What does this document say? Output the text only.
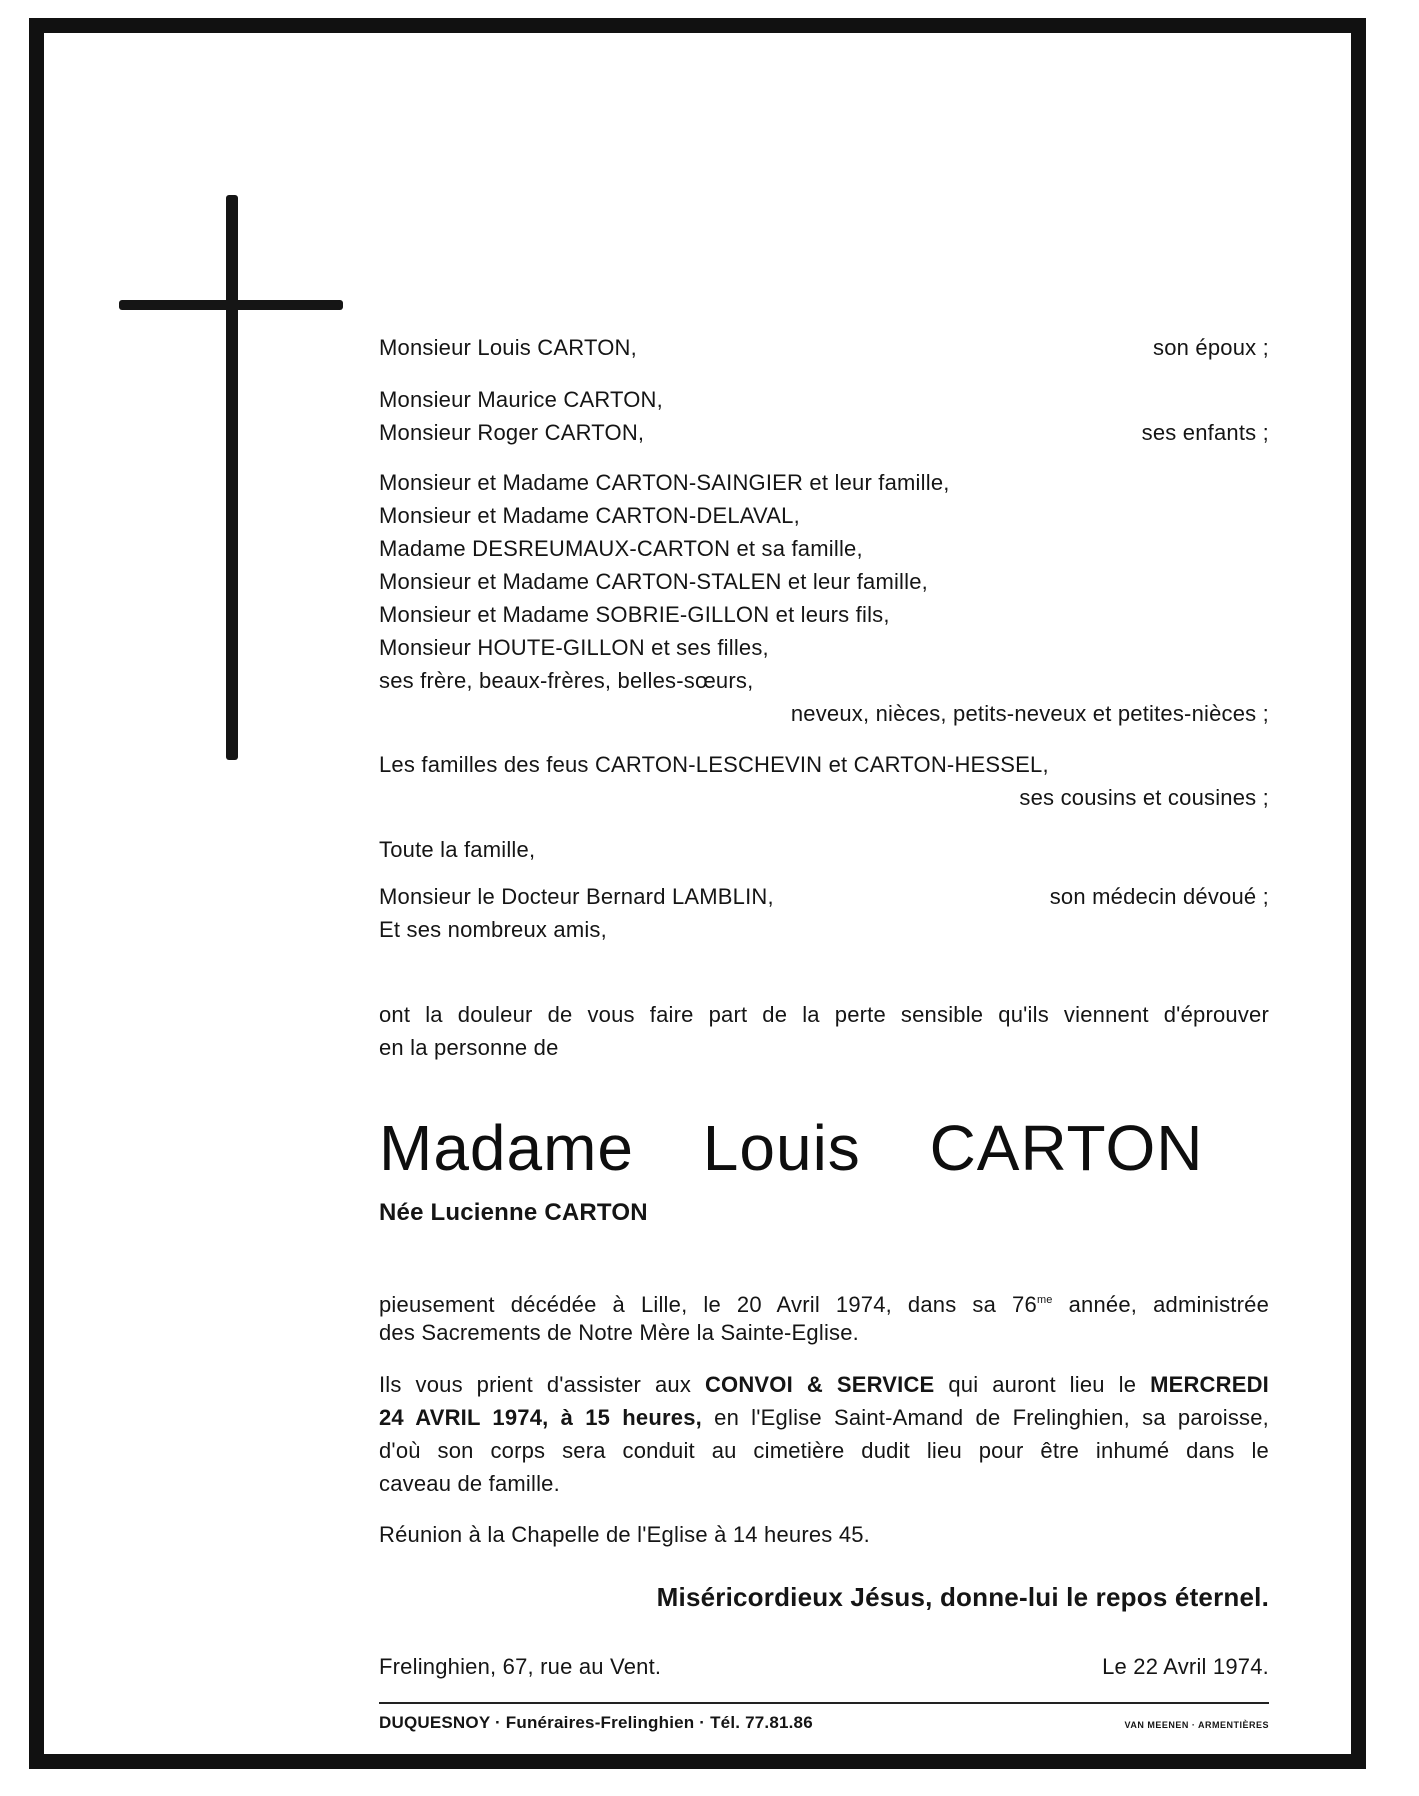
Monsieur Louis CARTON,	son époux ;
Monsieur Maurice CARTON,
Monsieur Roger CARTON,	ses enfants ;
Monsieur et Madame CARTON-SAINGIER et leur famille,
Monsieur et Madame CARTON-DELAVAL,
Madame DESREUMAUX-CARTON et sa famille,
Monsieur et Madame CARTON-STALEN et leur famille,
Monsieur et Madame SOBRIE-GILLON et leurs fils,
Monsieur HOUTE-GILLON et ses filles,
ses frère, beaux-frères, belles-sœurs,
neveux, nièces, petits-neveux et petites-nièces ;
Les familles des feus CARTON-LESCHEVIN et CARTON-HESSEL,
ses cousins et cousines ;
Toute la famille,
Monsieur le Docteur Bernard LAMBLIN,	son médecin dévoué ;
Et ses nombreux amis,
ont la douleur de vous faire part de la perte sensible qu'ils viennent d'éprouver
en la personne de
Madame Louis CARTON
Née Lucienne CARTON
pieusement décédée à Lille, le 20 Avril 1974, dans sa $76^{me}$ année, administrée
des Sacrements de Notre Mère la Sainte-Eglise.
Ils vous prient d'assister aux CONVOI & SERVICE qui auront lieu le MERCREDI
24 AVRIL 1974, à 15 heures, en l'Eglise Saint-Amand de Frelinghien, sa paroisse,
d'où son corps sera conduit au cimetière dudit lieu pour être inhumé dans le
caveau de famille.
Réunion à la Chapelle de l'Eglise à 14 heures 45.
Miséricordieux Jésus, donne-lui le repos éternel.
Frelinghien, 67, rue au Vent.	Le 22 Avril 1974.
DUQUESNOY · Funéraires-Frelinghien · Tél. 77.81.86	VAN MEENEN · ARMENTIÈRES
